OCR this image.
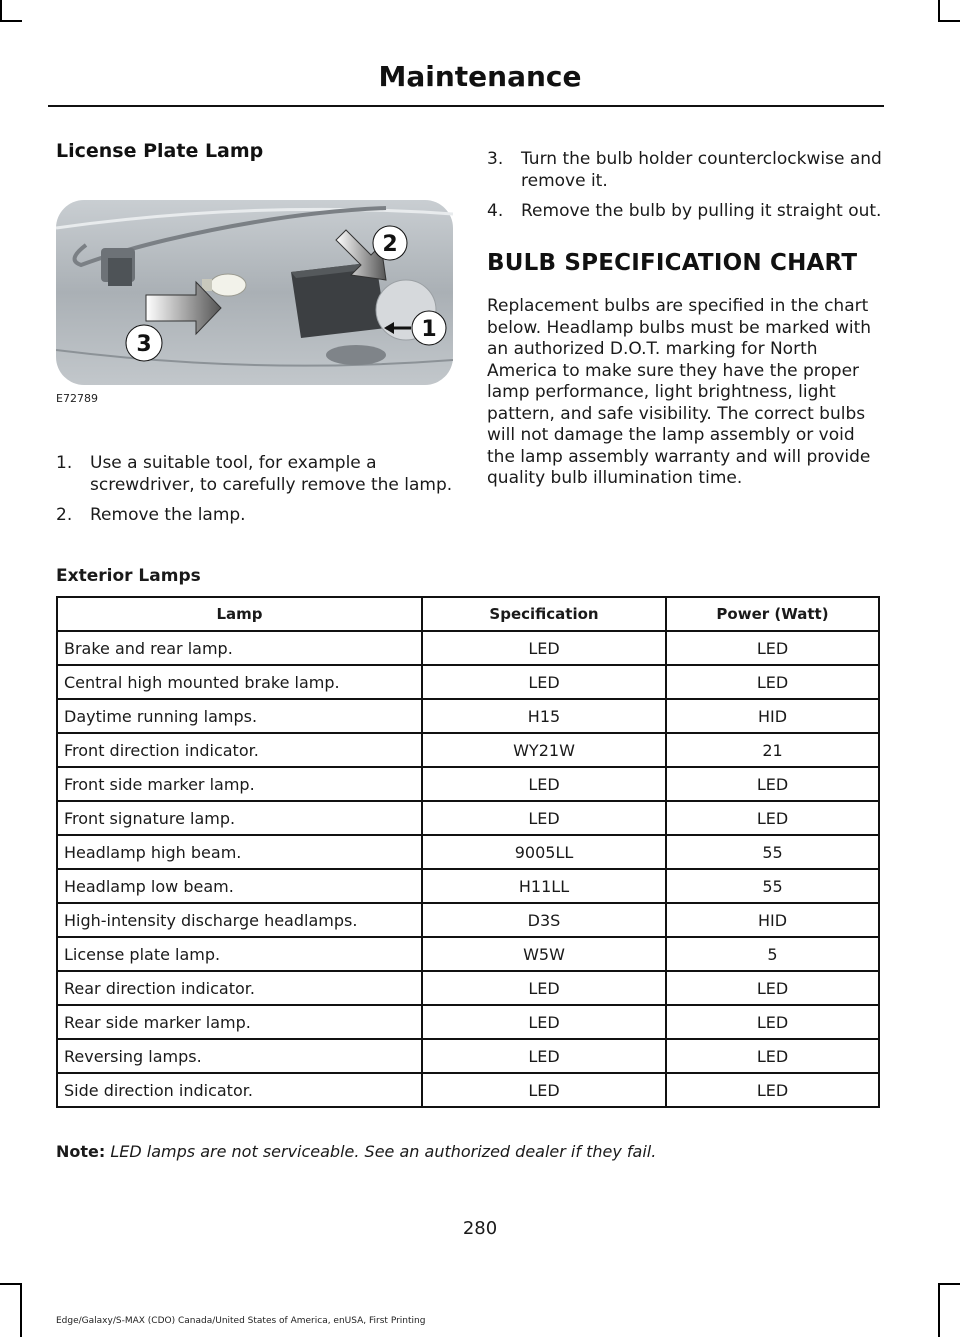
Maintenance
License Plate Lamp
3
2
1
E72789
1. Use a suitable tool, for example a screwdriver, to carefully remove the lamp.
2. Remove the lamp.
3. Turn the bulb holder counterclockwise and remove it.
4. Remove the bulb by pulling it straight out.
BULB SPECIFICATION CHART

Replacement bulbs are specified in the chart below. Headlamp bulbs must be marked with an authorized D.O.T. marking for North America to make sure they have the proper lamp performance, light brightness, light pattern, and safe visibility. The correct bulbs will not damage the lamp assembly or void the lamp assembly warranty and will provide quality bulb illumination time.

Exterior Lamps
Lamp	Specification	Power (Watt)
Brake and rear lamp.	LED	LED
Central high mounted brake lamp.	LED	LED
Daytime running lamps.	H15	HID
Front direction indicator.	WY21W	21
Front side marker lamp.	LED	LED
Front signature lamp.	LED	LED
Headlamp high beam.	9005LL	55
Headlamp low beam.	H11LL	55
High-intensity discharge headlamps.	D3S	HID
License plate lamp.	W5W	5
Rear direction indicator.	LED	LED
Rear side marker lamp.	LED	LED
Reversing lamps.	LED	LED
Side direction indicator.	LED	LED
Note: LED lamps are not serviceable. See an authorized dealer if they fail.
280
Edge/Galaxy/S-MAX (CDO) Canada/United States of America, enUSA, First Printing
